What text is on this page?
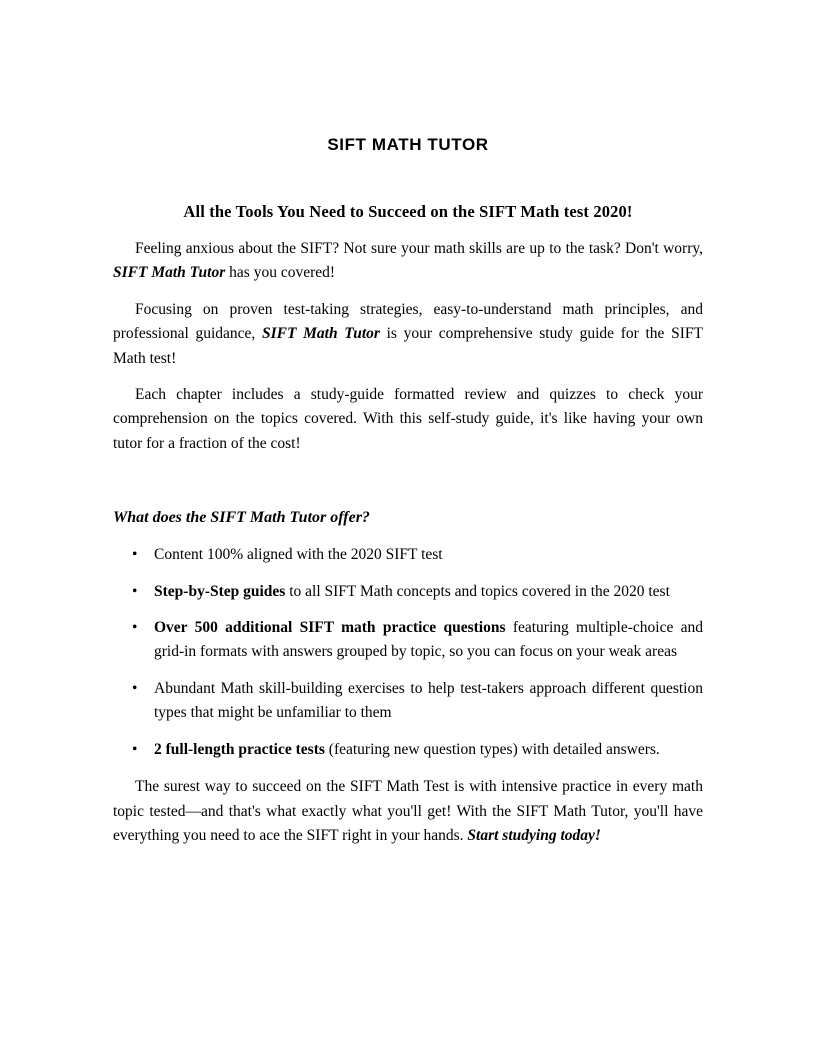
SIFT MATH TUTOR
All the Tools You Need to Succeed on the SIFT Math test 2020!

Feeling anxious about the SIFT? Not sure your math skills are up to the task? Don't worry, SIFT Math Tutor has you covered!

Focusing on proven test-taking strategies, easy-to-understand math principles, and professional guidance, SIFT Math Tutor is your comprehensive study guide for the SIFT Math test!

Each chapter includes a study-guide formatted review and quizzes to check your comprehension on the topics covered. With this self-study guide, it's like having your own tutor for a fraction of the cost!

What does the SIFT Math Tutor offer?
• Content 100% aligned with the 2020 SIFT test
• Step-by-Step guides to all SIFT Math concepts and topics covered in the 2020 test
• Over 500 additional SIFT math practice questions featuring multiple-choice and grid-in formats with answers grouped by topic, so you can focus on your weak areas
• Abundant Math skill-building exercises to help test-takers approach different question types that might be unfamiliar to them
• 2 full-length practice tests (featuring new question types) with detailed answers.

The surest way to succeed on the SIFT Math Test is with intensive practice in every math topic tested—and that's what exactly what you'll get! With the SIFT Math Tutor, you'll have everything you need to ace the SIFT right in your hands. Start studying today!
